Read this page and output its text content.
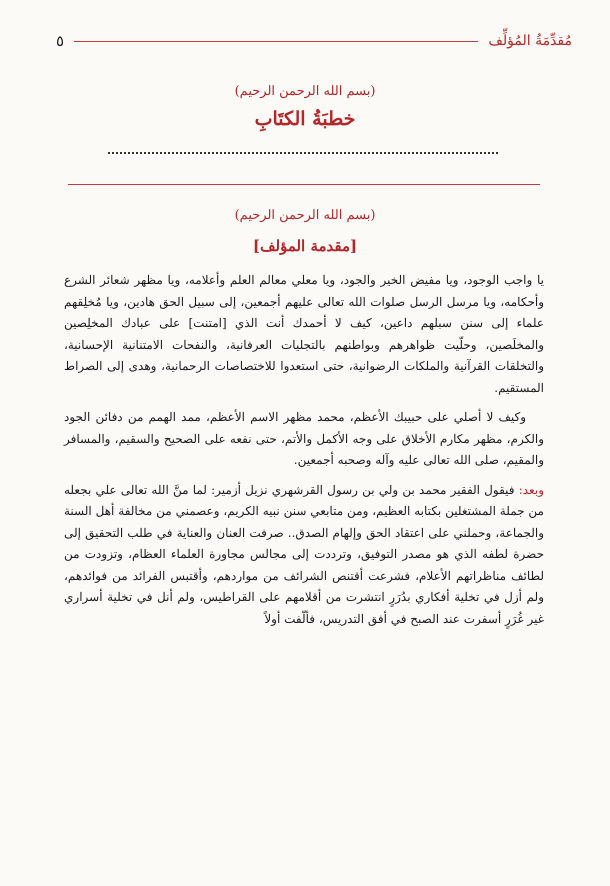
مُقدِّمَةُ المُؤلِّف
٥
(بسم الله الرحمن الرحيم)
خطبَةُ الكتَابِ
(بسم الله الرحمن الرحيم)
[مقدمة المؤلف]

يا واجب الوجود، ويا مفيض الخير والجود، ويا معلي معالم العلم وأعلامه، ويا مظهر شعائر الشرع وأحكامه، ويا مرسل الرسل صلوات الله تعالى عليهم أجمعين، إلى سبيل الحق هادين، ويا مُخلِقهم علماء إلى سنن سبلهم داعين، كيف لا أحمدك أنت الذي [امتنت] على عبادك المخلِصين والمخلَصين، وحلّيت ظواهرهم وبواطنهم بالتجليات العرفانية، والنفحات الامتنانية الإحسانية، والتخلقات القرآنية والملكات الرضوانية، حتى استعدوا للاختصاصات الرحمانية، وهدى إلى الصراط المستقيم.

وكيف لا أصلي على حبيبك الأعظم، محمد مظهر الاسم الأعظم، ممد الهمم من دفائن الجود والكرم، مظهر مكارم الأخلاق على وجه الأكمل والأتم، حتى نفعه على الصحيح والسقيم، والمسافر والمقيم، صلى الله تعالى عليه وآله وصحبه أجمعين.

وبعد: فيقول الفقير محمد بن ولي بن رسول القرشهري نزيل أزمير: لما منَّ الله تعالى علي بجعله من جملة المشتغلين بكتابه العظيم، ومن متابعي سنن نبيه الكريم، وعصمني من مخالفة أهل السنة والجماعة، وحملني على اعتقاد الحق وإلهام الصدق.. صرفت العنان والعناية في طلب التحقيق إلى حضرة لطفه الذي هو مصدر التوفيق، وترددت إلى مجالس مجاورة العلماء العظام، وتزودت من لطائف مناظراتهم الأعلام، فشرعت أقتنص الشرائف من مواردهم، وأقتبس الفرائد من فوائدهم، ولم أزل في تخلية أفكاري بدُرَرٍ انتشرت من أقلامهم على القراطيس، ولم أنل في تخلية أسراري غير غُرَرٍ أسفرت عند الصبح في أفق التدريس، فألّفت أولاً
